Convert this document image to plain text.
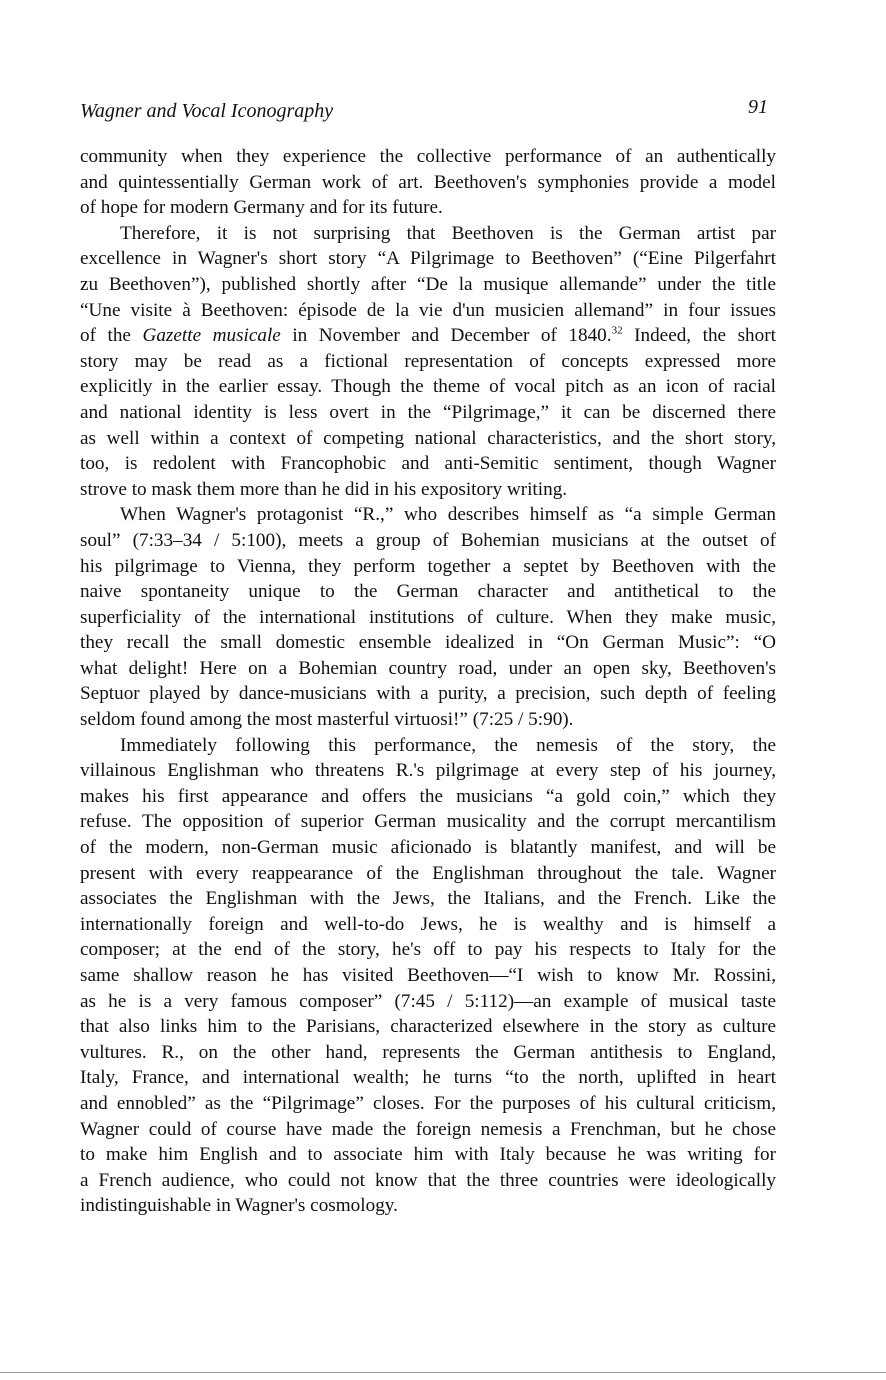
Wagner and Vocal Iconography	91

community when they experience the collective performance of an authentically
and quintessentially German work of art. Beethoven's symphonies provide a model
of hope for modern Germany and for its future.

Therefore, it is not surprising that Beethoven is the German artist par
excellence in Wagner's short story “A Pilgrimage to Beethoven” (“Eine Pilgerfahrt
zu Beethoven”), published shortly after “De la musique allemande” under the title
“Une visite à Beethoven: épisode de la vie d'un musicien allemand” in four issues
of the Gazette musicale in November and December of 1840.32 Indeed, the short
story may be read as a fictional representation of concepts expressed more
explicitly in the earlier essay. Though the theme of vocal pitch as an icon of racial
and national identity is less overt in the “Pilgrimage,” it can be discerned there
as well within a context of competing national characteristics, and the short story,
too, is redolent with Francophobic and anti-Semitic sentiment, though Wagner
strove to mask them more than he did in his expository writing.

When Wagner's protagonist “R.,” who describes himself as “a simple German
soul” (7:33–34 / 5:100), meets a group of Bohemian musicians at the outset of
his pilgrimage to Vienna, they perform together a septet by Beethoven with the
naive spontaneity unique to the German character and antithetical to the
superficiality of the international institutions of culture. When they make music,
they recall the small domestic ensemble idealized in “On German Music”: “O
what delight! Here on a Bohemian country road, under an open sky, Beethoven's
Septuor played by dance-musicians with a purity, a precision, such depth of feeling
seldom found among the most masterful virtuosi!” (7:25 / 5:90).

Immediately following this performance, the nemesis of the story, the
villainous Englishman who threatens R.'s pilgrimage at every step of his journey,
makes his first appearance and offers the musicians “a gold coin,” which they
refuse. The opposition of superior German musicality and the corrupt mercantilism
of the modern, non-German music aficionado is blatantly manifest, and will be
present with every reappearance of the Englishman throughout the tale. Wagner
associates the Englishman with the Jews, the Italians, and the French. Like the
internationally foreign and well-to-do Jews, he is wealthy and is himself a
composer; at the end of the story, he's off to pay his respects to Italy for the
same shallow reason he has visited Beethoven—“I wish to know Mr. Rossini,
as he is a very famous composer” (7:45 / 5:112)—an example of musical taste
that also links him to the Parisians, characterized elsewhere in the story as culture
vultures. R., on the other hand, represents the German antithesis to England,
Italy, France, and international wealth; he turns “to the north, uplifted in heart
and ennobled” as the “Pilgrimage” closes. For the purposes of his cultural criticism,
Wagner could of course have made the foreign nemesis a Frenchman, but he chose
to make him English and to associate him with Italy because he was writing for
a French audience, who could not know that the three countries were ideologically
indistinguishable in Wagner's cosmology.
